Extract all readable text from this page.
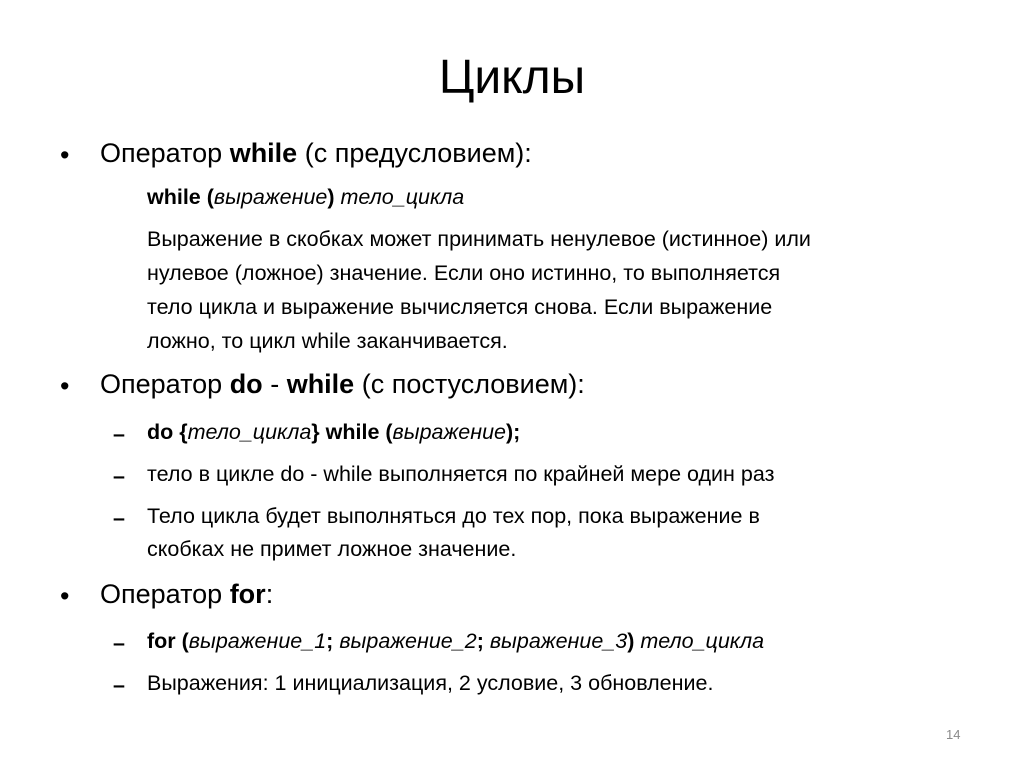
Циклы
• Оператор while (с предусловием):
while (выражение) тело_цикла
Выражение в скобках может принимать ненулевое (истинное) или
нулевое (ложное) значение. Если оно истинно, то выполняется
тело цикла и выражение вычисляется снова. Если выражение
ложно, то цикл while заканчивается.
• Оператор do - while (с постусловием):
– do {тело_цикла} while (выражение);
– тело в цикле do - while выполняется по крайней мере один раз
– Тело цикла будет выполняться до тех пор, пока выражение в
скобках не примет ложное значение.
• Оператор for:
– for (выражение_1; выражение_2; выражение_3) тело_цикла
– Выражения: 1 инициализация, 2 условие, 3 обновление.
14
